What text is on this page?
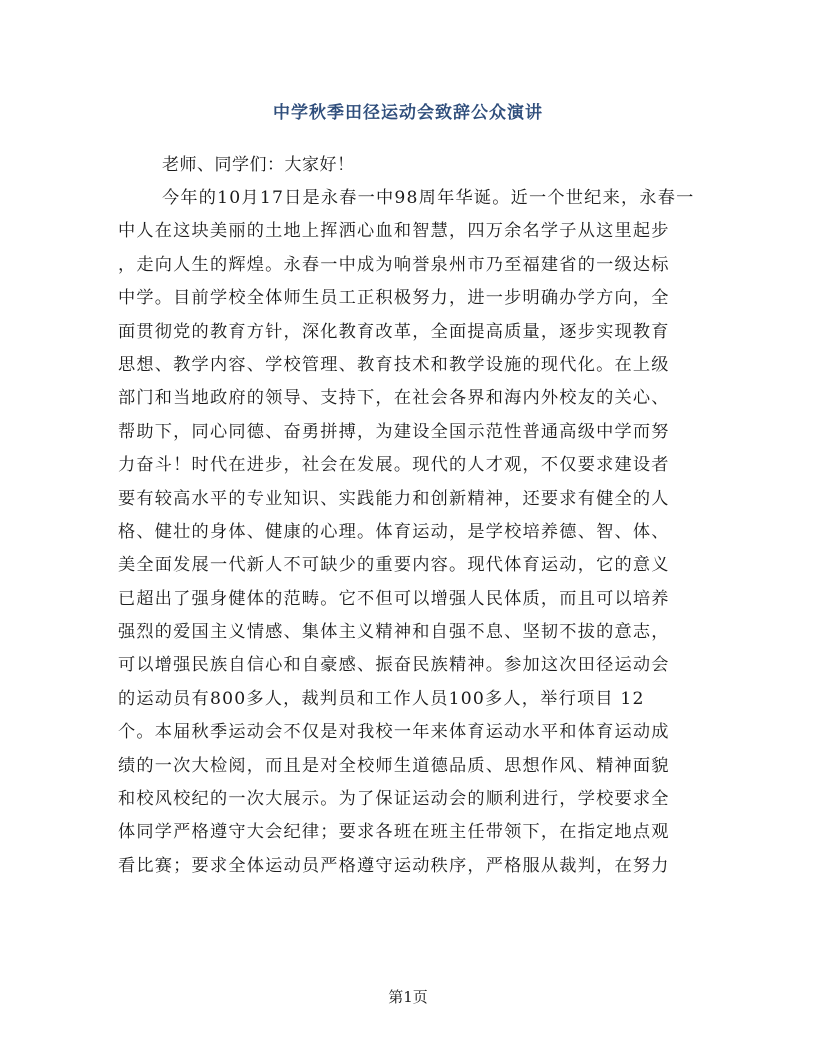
中学秋季田径运动会致辞公众演讲
老师、同学们：大家好！
今年的10月17日是永春一中98周年华诞。近一个世纪来，永春一
中人在这块美丽的土地上挥洒心血和智慧，四万余名学子从这里起步
，走向人生的辉煌。永春一中成为响誉泉州市乃至福建省的一级达标
中学。目前学校全体师生员工正积极努力，进一步明确办学方向，全
面贯彻党的教育方针，深化教育改革，全面提高质量，逐步实现教育
思想、教学内容、学校管理、教育技术和教学设施的现代化。在上级
部门和当地政府的领导、支持下，在社会各界和海内外校友的关心、
帮助下，同心同德、奋勇拼搏，为建设全国示范性普通高级中学而努
力奋斗！时代在进步，社会在发展。现代的人才观，不仅要求建设者
要有较高水平的专业知识、实践能力和创新精神，还要求有健全的人
格、健壮的身体、健康的心理。体育运动，是学校培养德、智、体、
美全面发展一代新人不可缺少的重要内容。现代体育运动，它的意义
已超出了强身健体的范畴。它不但可以增强人民体质，而且可以培养
强烈的爱国主义情感、集体主义精神和自强不息、坚韧不拔的意志，
可以增强民族自信心和自豪感、振奋民族精神。参加这次田径运动会
的运动员有800多人，裁判员和工作人员100多人，举行项目 12
个。本届秋季运动会不仅是对我校一年来体育运动水平和体育运动成
绩的一次大检阅，而且是对全校师生道德品质、思想作风、精神面貌
和校风校纪的一次大展示。为了保证运动会的顺利进行，学校要求全
体同学严格遵守大会纪律；要求各班在班主任带领下，在指定地点观
看比赛；要求全体运动员严格遵守运动秩序，严格服从裁判，在努力
第1页
